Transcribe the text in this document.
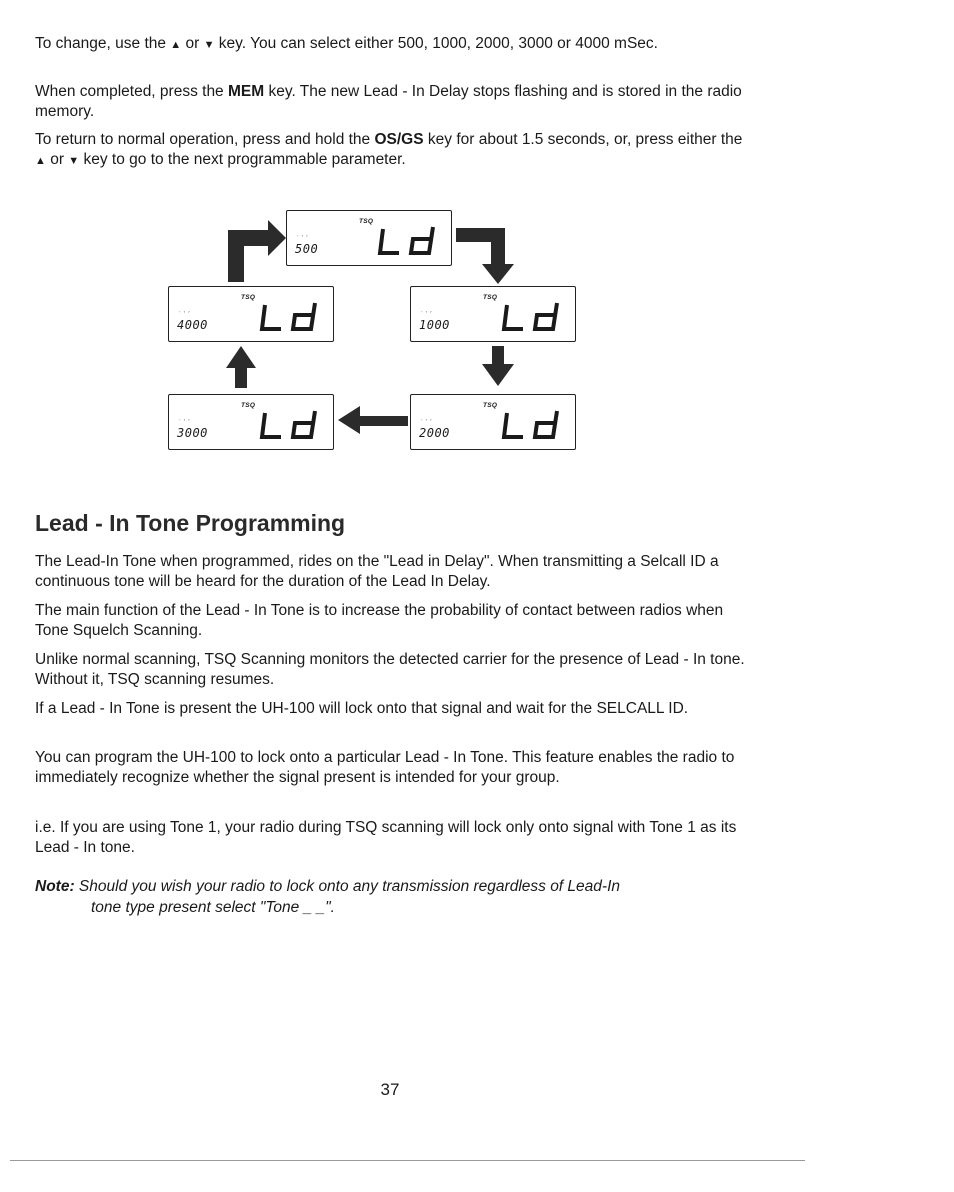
To change, use the ▲ or ▼ key. You can select either 500, 1000, 2000, 3000 or 4000 mSec.

When completed, press the MEM key. The new Lead - In Delay stops flashing and is stored in the radio memory.

To return to normal operation, press and hold the OS/GS key for about 1.5 seconds, or, press either the ▲ or ▼ key to go to the next programmable parameter.

TSQ
˙ˋˊ
500
TSQ
˙ˋˊ
4000
TSQ
˙ˋˊ
1000
TSQ
˙ˋˊ
3000
TSQ
˙ˋˊ
2000
Lead - In Tone Programming

The Lead-In Tone when programmed, rides on the "Lead in Delay". When transmitting a Selcall ID a continuous tone will be heard for the duration of the Lead In Delay.

The main function of the Lead - In Tone is to increase the probability of contact between radios when Tone Squelch Scanning.

Unlike normal scanning, TSQ Scanning monitors the detected carrier for the presence of Lead - In tone. Without it, TSQ scanning resumes.

If a Lead - In Tone is present the UH-100 will lock onto that signal and wait for the SELCALL ID.

You can program the UH-100 to lock onto a particular Lead - In Tone. This feature enables the radio to immediately recognize whether the signal present is intended for your group.

i.e. If you are using Tone 1, your radio during TSQ scanning will lock only onto signal with Tone 1 as its Lead - In tone.

Note: Should you wish your radio to lock onto any transmission regardless of Lead-In
tone type present select "Tone _ _".

37
